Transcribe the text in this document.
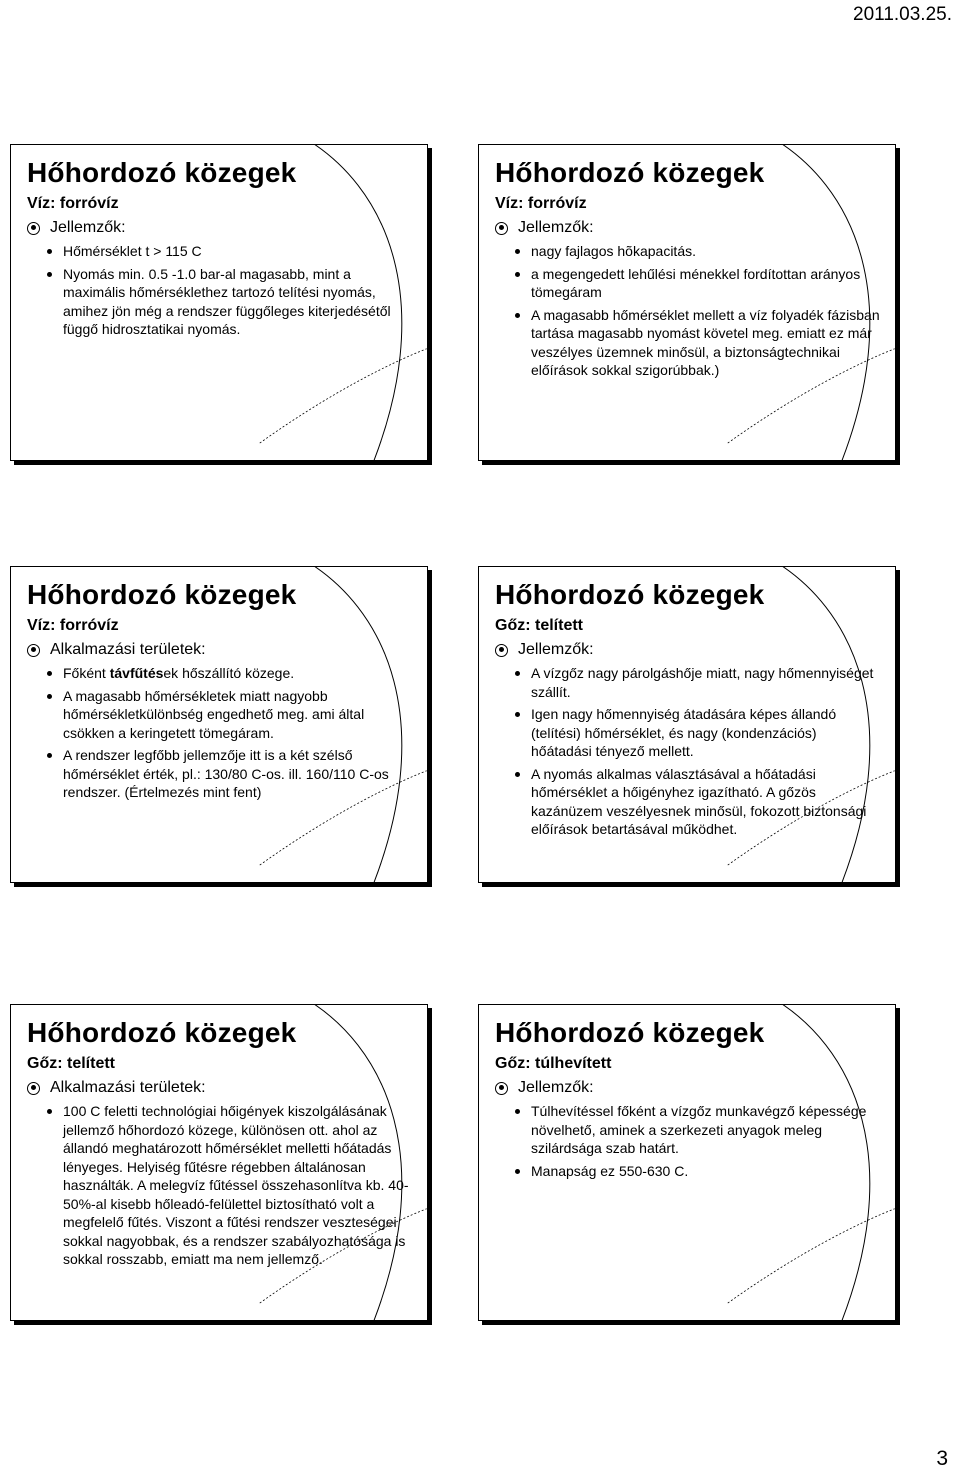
2011.03.25.
3
Hőhordozó közegek
Víz: forróvíz
Jellemzők:
Hőmérséklet t > 115 C
Nyomás min. 0.5 -1.0 bar-al magasabb, mint a maximális hőmérséklethez tartozó telítési nyomás, amihez jön még a rendszer függőleges kiterjedésétől függő hidrosztatikai nyomás.
Hőhordozó közegek
Víz: forróvíz
Jellemzők:
nagy fajlagos hõkapacitás.
a megengedett lehűlési ménekkel fordítottan arányos tömegáram
A magasabb hőmérséklet mellett a víz folyadék fázisban tartása magasabb nyomást követel meg. emiatt ez már veszélyes üzemnek minősül, a biztonságtechnikai előírások sokkal szigorúbbak.)
Hőhordozó közegek
Víz: forróvíz
Alkalmazási területek:
Főként távfűtések hőszállító közege.
A magasabb hőmérsékletek miatt nagyobb hőmérsékletkülönbség engedhető meg. ami által csökken a keringetett tömegáram.
A rendszer legfőbb jellemzője itt is a két szélső hőmérséklet érték, pl.: 130/80 C-os. ill. 160/110 C-os rendszer. (Értelmezés mint fent)
Hőhordozó közegek
Gőz: telített
Jellemzők:
A vízgőz nagy párolgáshője miatt, nagy hőmennyiséget szállít.
Igen nagy hőmennyiség átadására képes állandó (telítési) hőmérséklet, és nagy (kondenzációs) hőátadási tényező mellett.
A nyomás alkalmas választásával a hőátadási hőmérséklet a hőigényhez igazítható. A gőzös kazánüzem veszélyesnek minősül, fokozott biztonsági előírások betartásával működhet.
Hőhordozó közegek
Gőz: telített
Alkalmazási területek:
100 C feletti technológiai hőigények kiszolgálásának jellemző hőhordozó közege, különösen ott. ahol az állandó meghatározott hőmérséklet melletti hőátadás lényeges. Helyiség fűtésre régebben általánosan használták. A melegvíz fűtéssel összehasonlítva kb. 40-50%-al kisebb hőleadó-felülettel biztosítható volt a megfelelő fűtés. Viszont a fűtési rendszer veszteségei sokkal nagyobbak, és a rendszer szabályozhatósága is sokkal rosszabb, emiatt ma nem jellemző.
Hőhordozó közegek
Gőz: túlhevített
Jellemzők:
Túlhevítéssel főként a vízgőz munkavégző képessége növelhető, aminek a szerkezeti anyagok meleg szilárdsága szab határt.
Manapság ez 550-630 C.
